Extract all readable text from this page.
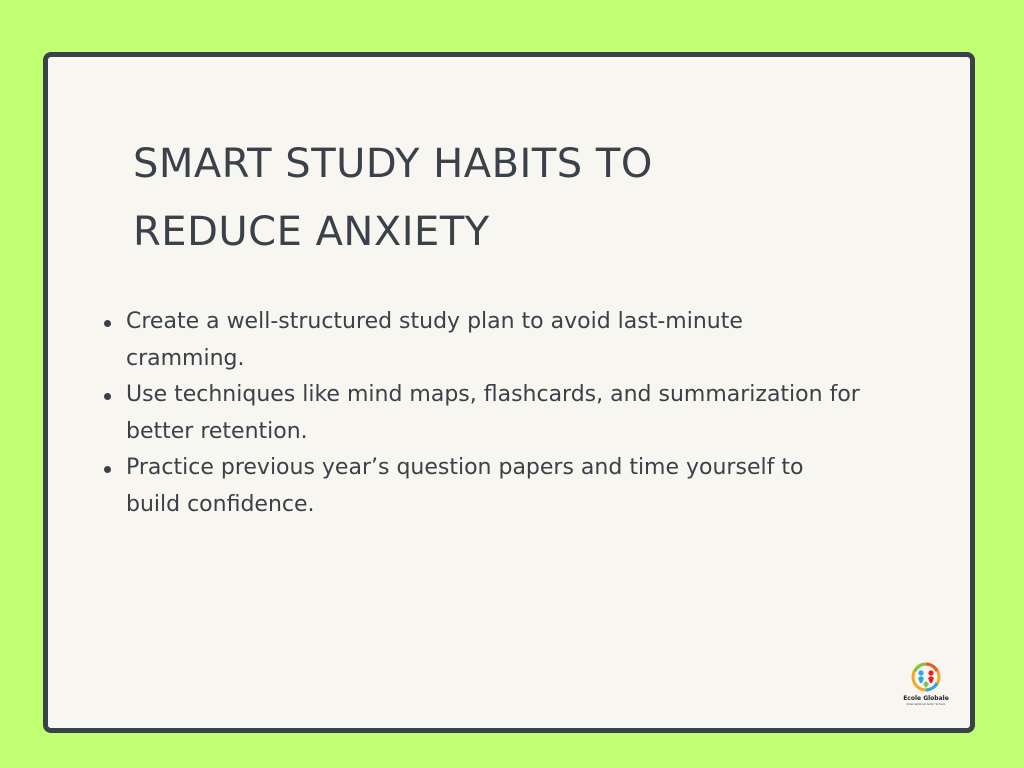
SMART STUDY HABITS TO
REDUCE ANXIETY
Create a well-structured study plan to avoid last-minute cramming.
Use techniques like mind maps, flashcards, and summarization for better retention.
Practice previous year’s question papers and time yourself to build confidence.
Ecole Globale
International Girls' School
